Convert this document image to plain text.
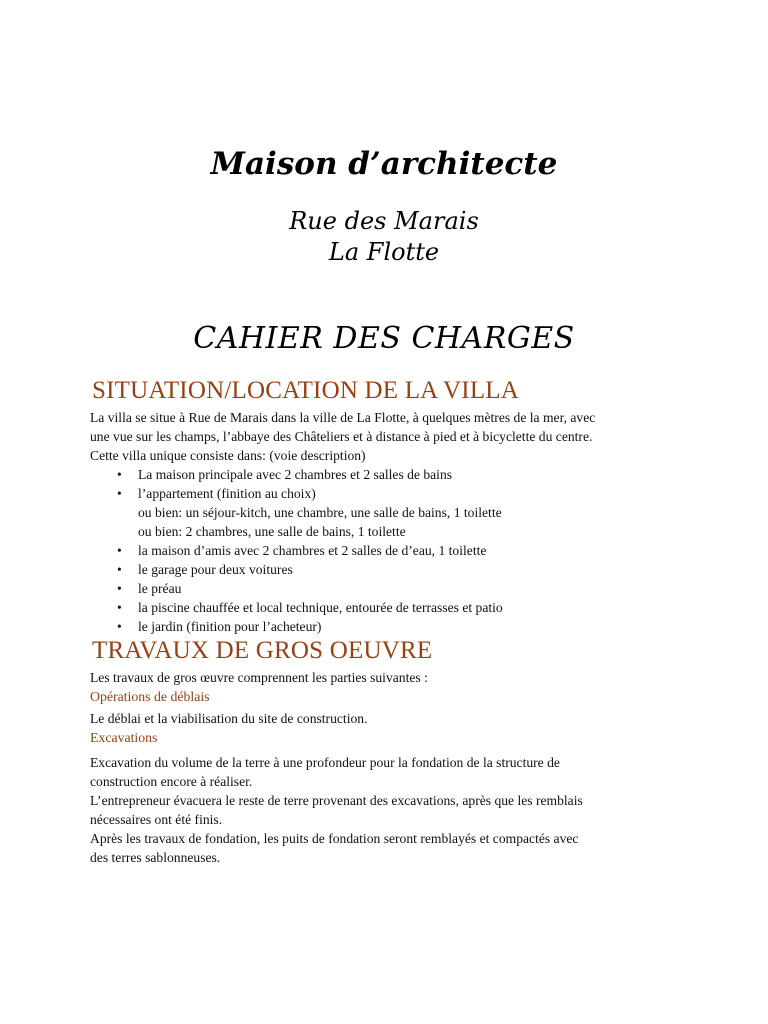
Maison d’architecte
Rue des Marais
La Flotte
CAHIER DES CHARGES
SITUATION/LOCATION DE LA VILLA

La villa se situe à Rue de Marais dans la ville de La Flotte, à quelques mètres de la mer, avec
une vue sur les champs, l’abbaye des Châteliers et à distance à pied et à bicyclette du centre.
Cette villa unique consiste dans: (voie description)

• La maison principale avec 2 chambres et 2 salles de bains
• l’appartement (finition au choix)
ou bien: un séjour-kitch, une chambre, une salle de bains, 1 toilette
ou bien: 2 chambres, une salle de bains, 1 toilette
• la maison d’amis avec 2 chambres et 2 salles de d’eau, 1 toilette
• le garage pour deux voitures
• le préau
• la piscine chauffée et local technique, entourée de terrasses et patio
• le jardin (finition pour l’acheteur)
TRAVAUX DE GROS OEUVRE

Les travaux de gros œuvre comprennent les parties suivantes :

Opérations de déblais

Le déblai et la viabilisation du site de construction.

Excavations

Excavation du volume de la terre à une profondeur pour la fondation de la structure de
construction encore à réaliser.
L’entrepreneur évacuera le reste de terre provenant des excavations, après que les remblais
nécessaires ont été finis.
Après les travaux de fondation, les puits de fondation seront remblayés et compactés avec
des terres sablonneuses.
